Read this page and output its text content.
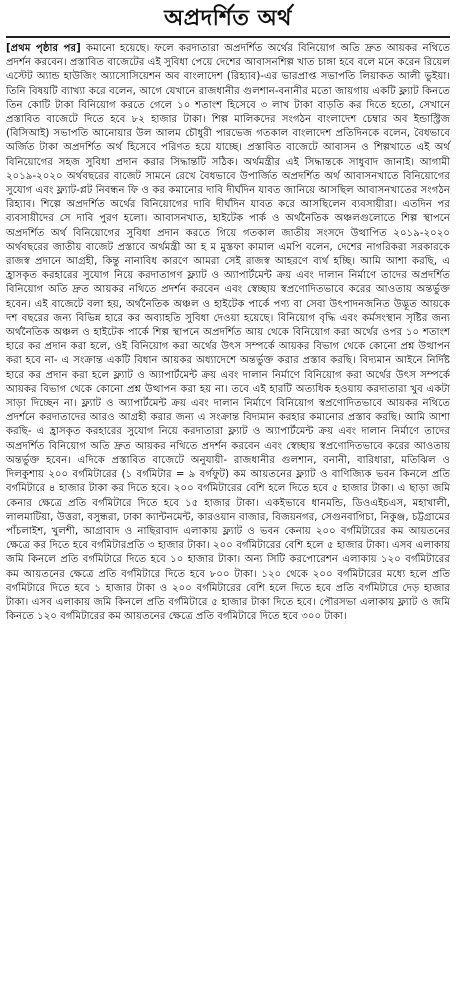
অপ্রদর্শিত অর্থ

[প্রথম পৃষ্ঠার পর] কমানো হয়েছে। ফলে করদাতারা অপ্রদর্শিত অর্থের বিনিয়োগ অতি দ্রুত আয়কর নথিতে প্রদর্শন করবেন। প্রস্তাবিত বাজেটের এই সুবিধা পেয়ে দেশের আবাসনশিল্প খাত চাঙ্গা হবে বলে মনে করেন রিয়েল এস্টেট অ্যান্ড হাউজিং অ্যাসোসিয়েশন অব বাংলাদেশ (রিহ্যাব)-এর ভারপ্রাপ্ত সভাপতি লিয়াকত আলী ভুইয়া। তিনি বিষয়টি ব্যাখ্যা করে বলেন, আগে যেখানে রাজধানীর গুলশান-বনানীর মতো জায়গায় একটি ফ্ল্যাট কিনতে তিন কোটি টাকা বিনিয়োগ করতে গেলে ১০ শতাংশ হিসেবে ৩ লাখ টাকা বাড়তি কর দিতে হতো, সেখানে প্রস্তাবিত বাজেটে দিতে হবে ৮২ হাজার টাকা। শিল্প মালিকদের সংগঠন বাংলাদেশ চেম্বার অব ইন্ডাস্ট্রিজ (বিসিআই) সভাপতি আনোয়ার উল আলম চৌধুরী পারভেজ গতকাল বাংলাদেশ প্রতিদিনকে বলেন, বৈধভাবে অর্জিত টাকা অপ্রদর্শিত অর্থ হিসেবে পরিণত হয়ে যাচ্ছে। প্রস্তাবিত বাজেটে আবাসন ও শিল্পখাতে এই অর্থ বিনিয়োগের সহজ সুবিধা প্রদান করার সিদ্ধান্তটি সঠিক। অর্থমন্ত্রীর এই সিদ্ধান্তকে সাধুবাদ জানাই। আগামী ২০১৯-২০২০ অর্থবছরের বাজেট সামনে রেখে বৈধভাবে উপার্জিত অপ্রদর্শিত অর্থ আবাসনখাতে বিনিয়োগের সুযোগ এবং ফ্ল্যাট-প্লট নিবন্ধন ফি ও কর কমানোর দাবি দীর্ঘদিন যাবত জানিয়ে আসছিল আবাসনখাতের সংগঠন রিহ্যাব। শিল্পে অপ্রদর্শিত অর্থের বিনিয়োগের দাবি দীর্ঘদিন যাবত করে আসছিলেন ব্যবসায়ীরা। এতদিন পর ব্যবসায়ীদের সে দাবি পুরণ হলো। আবাসনখাত, হাইটেক পার্ক ও অর্থনৈতিক অঞ্চলগুলোতে শিল্প স্থাপনে অপ্রদর্শিত অর্থ বিনিয়োগের সুবিধা প্রদান করতে গিয়ে গতকাল জাতীয় সংসদে উত্থাপিত ২০১৯-২০২০ অর্থবছরের জাতীয় বাজেট প্রস্তাবে অর্থমন্ত্রী আ হ ম মুস্তফা কামাল এমপি বলেন, দেশের নাগরিকরা সরকারকে রাজস্ব প্রদানে আগ্রহী, কিন্তু নানাবিধ কারণে আমরা সেই রাজস্ব আহরণে ব্যর্থ হচ্ছি। আমি আশা করছি, এ হ্রাসকৃত করহারের সুযোগ নিয়ে করদাতাগণ ফ্ল্যাট ও অ্যাপার্টমেন্ট ক্রয় এবং দালান নির্মাণে তাদের অপ্রদর্শিত বিনিয়োগ অতি দ্রুত আয়কর নথিতে প্রদর্শন করবেন এবং স্বেচ্ছায় স্বপ্রণোদিতভাবে করের আওতায় অন্তর্ভুক্ত হবেন। এই বাজেটে বলা হয়, অর্থনৈতিক অঞ্চল ও হাইটেক পার্কে পণ্য বা সেবা উৎপাদনজনিত উদ্ভূত আয়কে দশ বছরের জন্য বিভিন্ন হারে কর অব্যাহতি সুবিধা দেওয়া হয়েছে। বিনিয়োগ বৃদ্ধি এবং কর্মসংস্থান সৃষ্টির জন্য অর্থনৈতিক অঞ্চল ও হাইটেক পার্কে শিল্প স্থাপনে অপ্রদর্শিত আয় থেকে বিনিয়োগ করা অর্থের ওপর ১০ শতাংশ হারে কর প্রদান করা হলে, ওই বিনিয়োগ করা অর্থের উৎস সম্পর্কে আয়কর বিভাগ থেকে কোনো প্রশ্ন উত্থাপন করা হবে না- এ সংক্রান্ত একটি বিধান আয়কর অধ্যাদেশে অন্তর্ভুক্ত করার প্রস্তাব করছি। বিদ্যমান আইনে নির্দিষ্ট হারে কর প্রদান করা হলে ফ্ল্যাট ও অ্যাপার্টমেন্ট ক্রয় এবং দালান নির্মাণে বিনিয়োগ করা অর্থের উৎস সম্পর্কে আয়কর বিভাগ থেকে কোনো প্রশ্ন উত্থাপন করা হয় না। তবে এই হারটি অত্যধিক হওয়ায় করদাতারা খুব একটা সাড়া দিচ্ছেন না। ফ্ল্যাট ও অ্যাপার্টমেন্ট ক্রয় এবং দালান নির্মাণে বিনিয়োগ স্বপ্রণোদিতভাবে আয়কর নথিতে প্রদর্শনে করদাতাদের আরও আগ্রহী করার জন্য এ সংক্রান্ত বিদ্যমান করহার কমানোর প্রস্তাব করছি। আমি আশা করছি- এ হ্রাসকৃত করহারের সুযোগ নিয়ে করদাতারা ফ্ল্যাট ও অ্যাপার্টমেন্ট ক্রয় এবং দালান নির্মাণে তাদের অপ্রদর্শিত বিনিয়োগ অতি দ্রুত আয়কর নথিতে প্রদর্শন করবেন এবং স্বেচ্ছায় স্বপ্রণোদিতভাবে করের আওতায় অন্তর্ভুক্ত হবেন। এদিকে প্রস্তাবিত বাজেটে অনুযায়ী- রাজধানীর গুলশান, বনানী, বারিধারা, মতিঝিল ও দিলকুশায় ২০০ বর্গমিটারের (১ বর্গমিটার = ৯ বর্গফুট) কম আয়তনের ফ্ল্যাট ও বাণিজ্যিক ভবন কিনলে প্রতি বর্গমিটারে ৪ হাজার টাকা কর দিতে হবে। ২০০ বর্গমিটারের বেশি হলে দিতে হবে ৫ হাজার টাকা। এ ছাড়া জমি কেনার ক্ষেত্রে প্রতি বর্গমিটারে দিতে হবে ১৫ হাজার টাকা। একইভাবে ধানমন্ডি, ডিওএইচএস, মহাখালী, লালমাটিয়া, উত্তরা, বসুন্ধরা, ঢাকা ক্যান্টনমেন্ট, কারওয়ান বাজার, বিজয়নগর, সেগুনবাগিচা, নিকুঞ্জ, চট্টগ্রামের পাঁচলাইশ, খুলশী, আগ্রাবাদ ও নাছিরাবাদ এলাকায় ফ্ল্যাট ও ভবন কেনায় ২০০ বর্গমিটারের কম আয়তনের ক্ষেত্রে কর দিতে হবে বর্গমিটারপ্রতি ৩ হাজার টাকা। ২০০ বর্গমিটারের বেশি হলে ৫ হাজার টাকা। এসব এলাকায় জমি কিনলে প্রতি বর্গমিটারে দিতে হবে ১০ হাজার টাকা। অন্য সিটি করপোরেশন এলাকায় ১২০ বর্গমিটারের কম আয়তনের ক্ষেত্রে প্রতি বর্গমিটারে দিতে হবে ৮০০ টাকা। ১২০ থেকে ২০০ বর্গমিটারের মধ্যে হলে প্রতি বর্গমিটারে দিতে হবে ১ হাজার টাকা ও ২০০ বর্গমিটারের বেশি হলে দিতে হবে প্রতি বর্গমিটারে দেড় হাজার টাকা। এসব এলাকায় জমি কিনলে প্রতি বর্গমিটারে ৫ হাজার টাকা দিতে হবে। পৌরসভা এলাকায় ফ্ল্যাট ও জমি কিনতে ১২০ বর্গমিটারের কম আয়তনের ক্ষেত্রে প্রতি বর্গমিটারে দিতে হবে ৩০০ টাকা।
